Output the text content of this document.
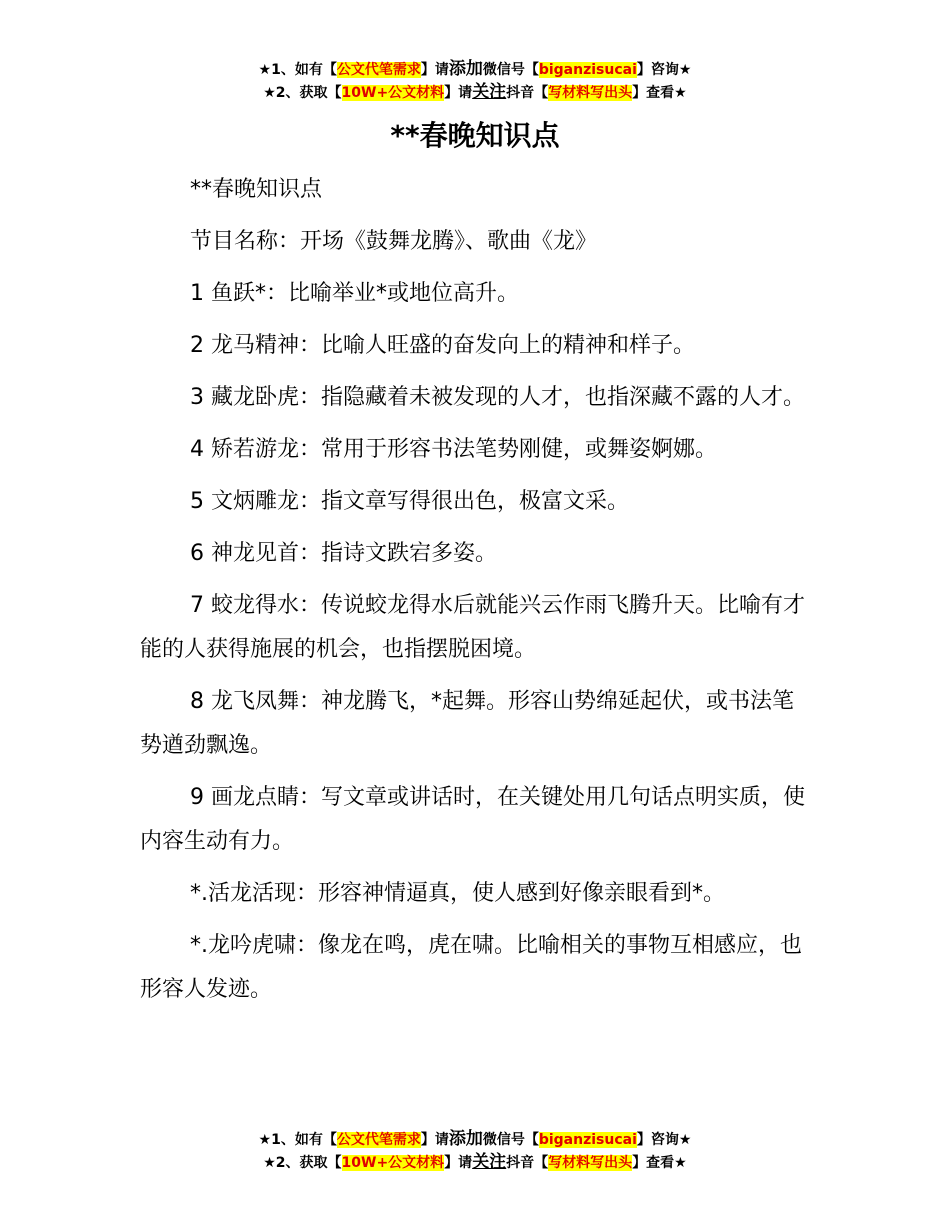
★1、如有【公文代笔需求】请添加微信号【biganzisucai】咨询★
★2、获取【10W+公文材料】请关注抖音【写材料写出头】查看★
**春晚知识点

**春晚知识点

节目名称：开场《鼓舞龙腾》、歌曲《龙》

1 鱼跃*：比喻举业*或地位高升。

2 龙马精神：比喻人旺盛的奋发向上的精神和样子。

3 藏龙卧虎：指隐藏着未被发现的人才，也指深藏不露的人才。

4 矫若游龙：常用于形容书法笔势刚健，或舞姿婀娜。

5 文炳雕龙：指文章写得很出色，极富文采。

6 神龙见首：指诗文跌宕多姿。

7 蛟龙得水：传说蛟龙得水后就能兴云作雨飞腾升天。比喻有才能的人获得施展的机会，也指摆脱困境。

8 龙飞凤舞：神龙腾飞，*起舞。形容山势绵延起伏，或书法笔势遒劲飘逸。

9 画龙点睛：写文章或讲话时，在关键处用几句话点明实质，使内容生动有力。

*.活龙活现：形容神情逼真，使人感到好像亲眼看到*。

*.龙吟虎啸：像龙在鸣，虎在啸。比喻相关的事物互相感应，也形容人发迹。

★1、如有【公文代笔需求】请添加微信号【biganzisucai】咨询★
★2、获取【10W+公文材料】请关注抖音【写材料写出头】查看★
